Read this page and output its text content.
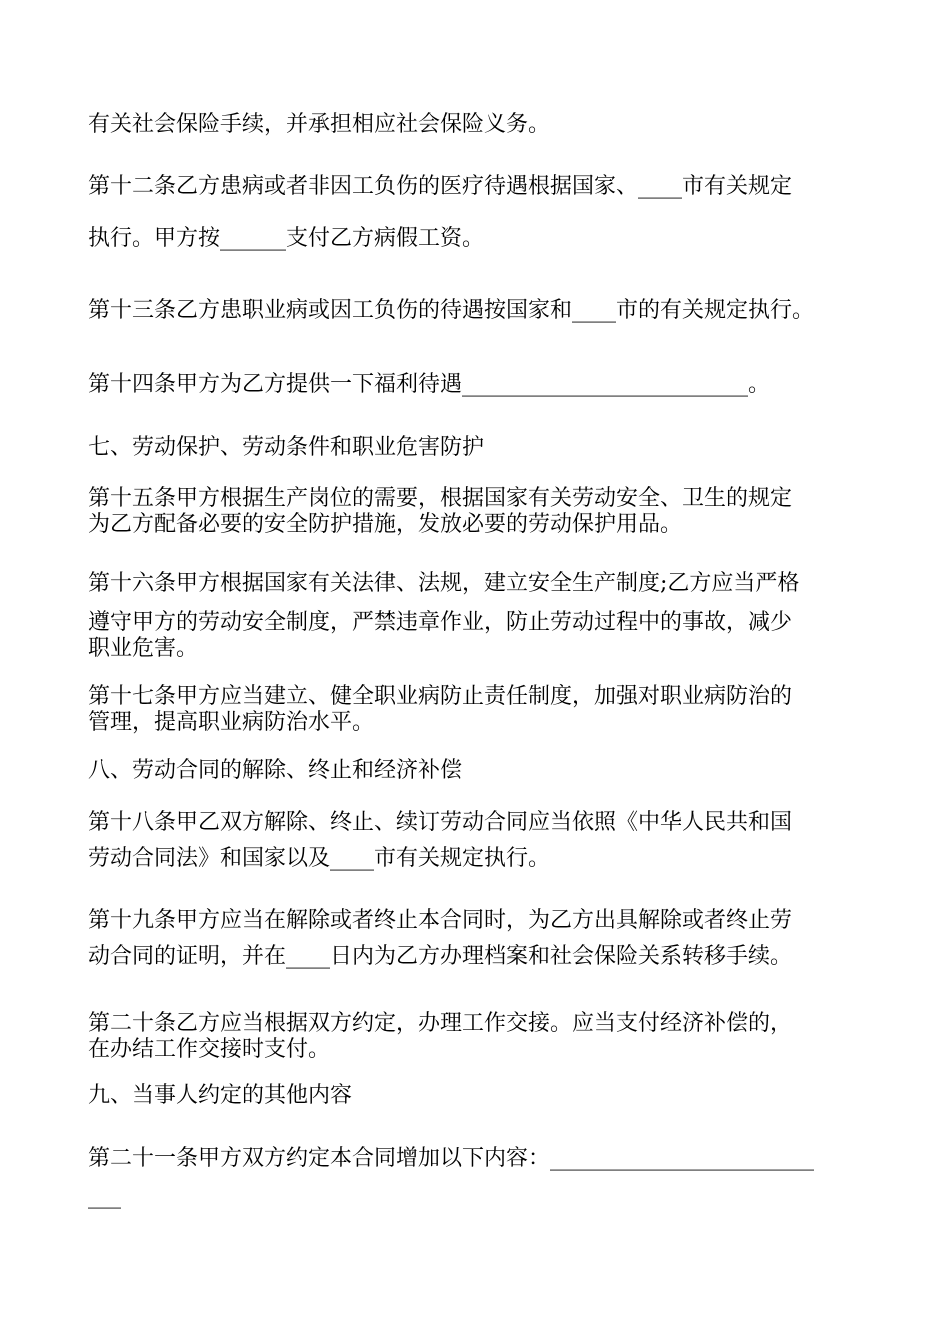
有关社会保险手续，并承担相应社会保险义务。

第十二条乙方患病或者非因工负伤的医疗待遇根据国家、____市有关规定

执行。甲方按______支付乙方病假工资。

第十三条乙方患职业病或因工负伤的待遇按国家和____市的有关规定执行。

第十四条甲方为乙方提供一下福利待遇__________________________。

七、劳动保护、劳动条件和职业危害防护

第十五条甲方根据生产岗位的需要，根据国家有关劳动安全、卫生的规定

为乙方配备必要的安全防护措施，发放必要的劳动保护用品。

第十六条甲方根据国家有关法律、法规，建立安全生产制度;乙方应当严格

遵守甲方的劳动安全制度，严禁违章作业，防止劳动过程中的事故，减少

职业危害。

第十七条甲方应当建立、健全职业病防止责任制度，加强对职业病防治的

管理，提高职业病防治水平。

八、劳动合同的解除、终止和经济补偿

第十八条甲乙双方解除、终止、续订劳动合同应当依照《中华人民共和国

劳动合同法》和国家以及____市有关规定执行。

第十九条甲方应当在解除或者终止本合同时，为乙方出具解除或者终止劳

动合同的证明，并在____日内为乙方办理档案和社会保险关系转移手续。

第二十条乙方应当根据双方约定，办理工作交接。应当支付经济补偿的，

在办结工作交接时支付。

九、当事人约定的其他内容

第二十一条甲方双方约定本合同增加以下内容：________________________

___
